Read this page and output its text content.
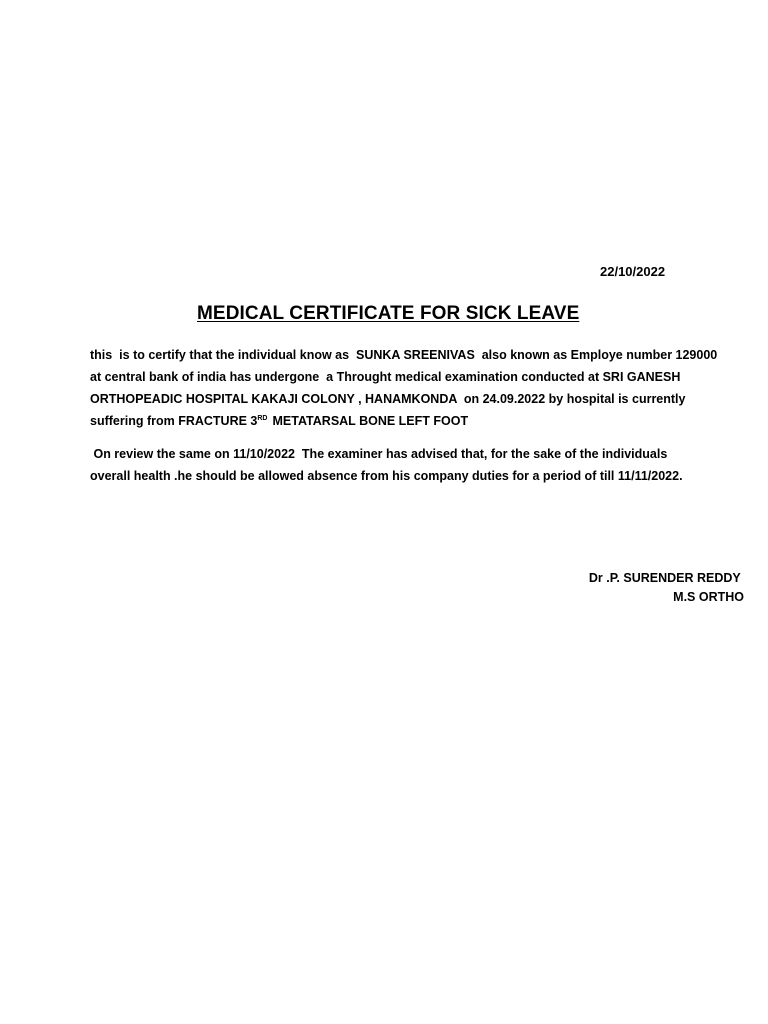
22/10/2022
MEDICAL CERTIFICATE FOR SICK LEAVE
this  is to certify that the individual know as  SUNKA SREENIVAS  also known as Employe number 129000
at central bank of india has undergone  a Throught medical examination conducted at SRI GANESH
ORTHOPEADIC HOSPITAL KAKAJI COLONY , HANAMKONDA  on 24.09.2022 by hospital is currently
suffering from FRACTURE 3RD METATARSAL BONE LEFT FOOT
On review the same on 11/10/2022  The examiner has advised that, for the sake of the individuals
overall health .he should be allowed absence from his company duties for a period of till 11/11/2022.
Dr .P. SURENDER REDDY
M.S ORTHO
